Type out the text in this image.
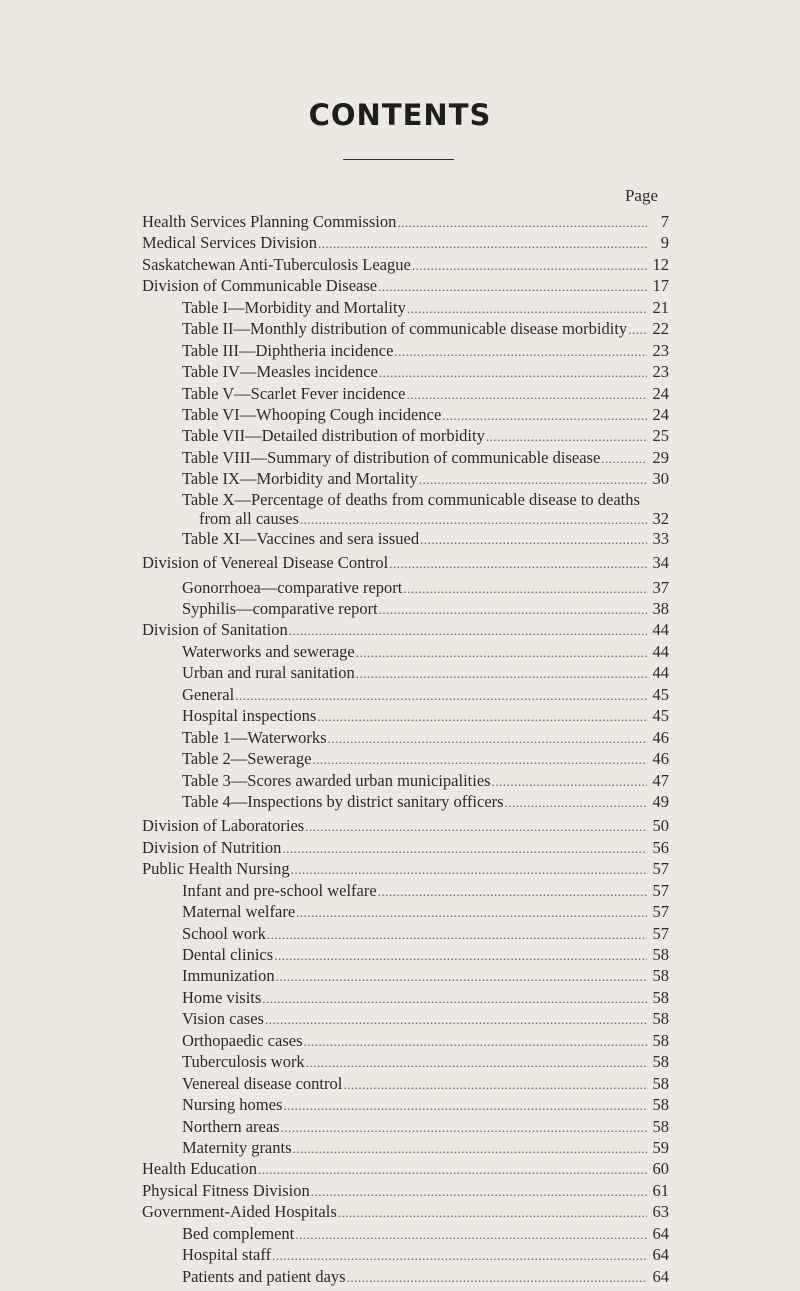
CONTENTS
Page
Health Services Planning Commission .....	7
Medical Services Division .....	9
Saskatchewan Anti-Tuberculosis League .....	12
Division of Communicable Disease .....	17
Table I—Morbidity and Mortality .....	21
Table II—Monthly distribution of communicable disease morbidity ..... 22
Table III—Diphtheria incidence .....	23
Table IV—Measles incidence .....	23
Table V—Scarlet Fever incidence .....	24
Table VI—Whooping Cough incidence .....	24
Table VII—Detailed distribution of morbidity .....	25
Table VIII—Summary of distribution of communicable disease .....	29
Table IX—Morbidity and Mortality .....	30
Table X—Percentage of deaths from communicable disease to deaths
from all causes .....	32
Table XI—Vaccines and sera issued .....	33
Division of Venereal Disease Control .....	34
Gonorrhoea—comparative report .....	37
Syphilis—comparative report .....	38
Division of Sanitation .....	44
Waterworks and sewerage .....	44
Urban and rural sanitation .....	44
General .....	45
Hospital inspections .....	45
Table 1—Waterworks .....	46
Table 2—Sewerage .....	46
Table 3—Scores awarded urban municipalities .....	47
Table 4—Inspections by district sanitary officers .....	49
Division of Laboratories .....	50
Division of Nutrition .....	56
Public Health Nursing .....	57
Infant and pre-school welfare .....	57
Maternal welfare .....	57
School work .....	57
Dental clinics .....	58
Immunization .....	58
Home visits .....	58
Vision cases .....	58
Orthopaedic cases .....	58
Tuberculosis work .....	58
Venereal disease control .....	58
Nursing homes .....	58
Northern areas .....	58
Maternity grants .....	59
Health Education .....	60
Physical Fitness Division .....	61
Government-Aided Hospitals .....	63
Bed complement .....	64
Hospital staff .....	64
Patients and patient days .....	64
